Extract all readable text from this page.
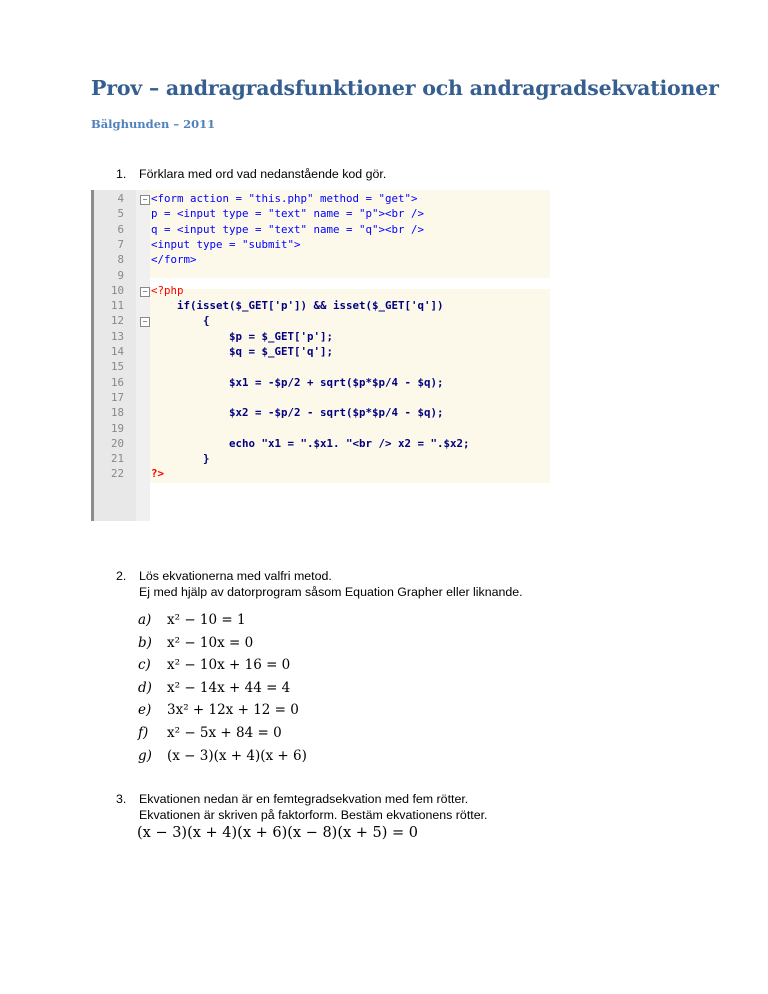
Prov – andragradsfunktioner och andragradsekvationer
Bälghunden – 2011
1. Förklara med ord vad nedanstående kod gör.
4	<form action = "this.php" method = "get">
5	p = <input type = "text" name = "p"><br />
6	q = <input type = "text" name = "q"><br />
7	<input type = "submit">
8	</form>
9
10	<?php
11	if(isset($_GET['p']) && isset($_GET['q'])
12	{
13	$p = $_GET['p'];
14	$q = $_GET['q'];
15
16	$x1 = -$p/2 + sqrt($p*$p/4 - $q);
17
18	$x2 = -$p/2 - sqrt($p*$p/4 - $q);
19
20	echo "x1 = ".$x1. "<br /> x2 = ".$x2;
21	}
22	?>
−
−
−
2. Lös ekvationerna med valfri metod.
Ej med hjälp av datorprogram såsom Equation Grapher eller liknande.
a) x² − 10 = 1
b) x² − 10x = 0
c) x² − 10x + 16 = 0
d) x² − 14x + 44 = 4
e) 3x² + 12x + 12 = 0
f) x² − 5x + 84 = 0
g) (x − 3)(x + 4)(x + 6)
3. Ekvationen nedan är en femtegradsekvation med fem rötter.
Ekvationen är skriven på faktorform. Bestäm ekvationens rötter.
(x − 3)(x + 4)(x + 6)(x − 8)(x + 5) = 0
